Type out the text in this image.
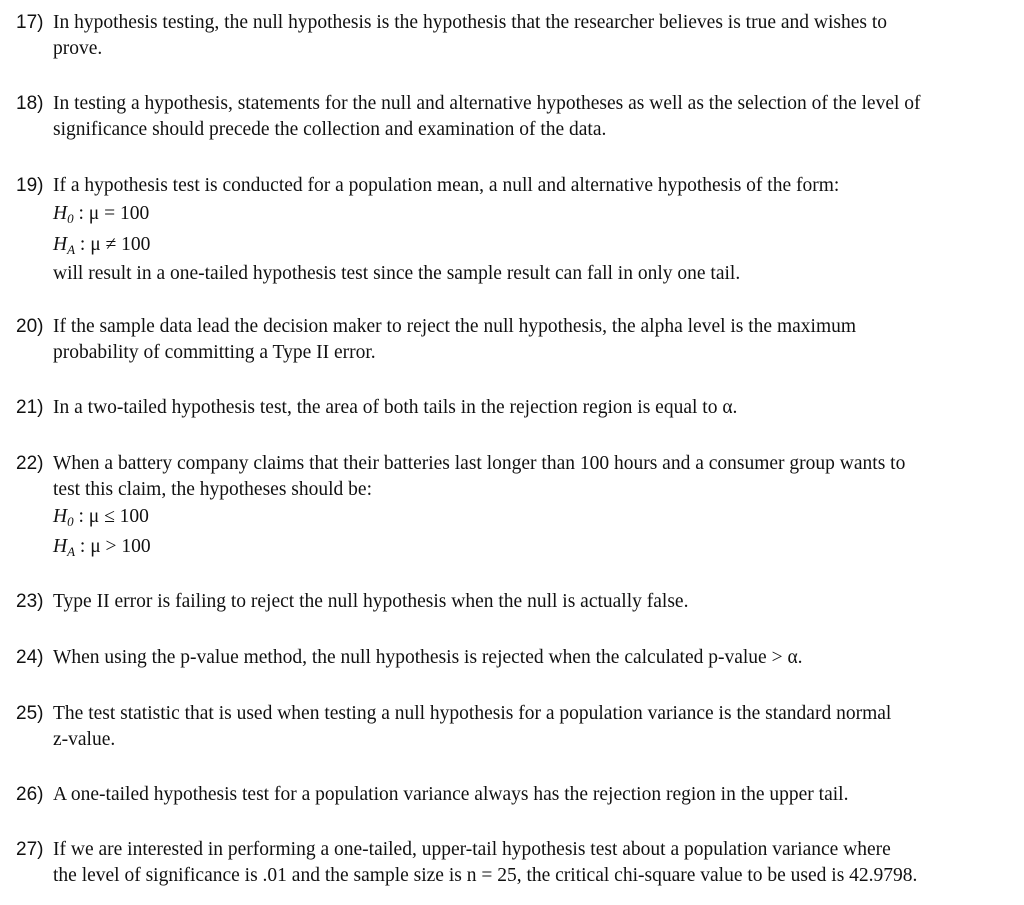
17) In hypothesis testing, the null hypothesis is the hypothesis that the researcher believes is true and wishes to
prove.
18) In testing a hypothesis, statements for the null and alternative hypotheses as well as the selection of the level of
significance should precede the collection and examination of the data.
19) If a hypothesis test is conducted for a population mean, a null and alternative hypothesis of the form:
$H_0$ : μ = 100
$H_A$ : μ ≠ 100
will result in a one-tailed hypothesis test since the sample result can fall in only one tail.
20) If the sample data lead the decision maker to reject the null hypothesis, the alpha level is the maximum
probability of committing a Type II error.
21) In a two-tailed hypothesis test, the area of both tails in the rejection region is equal to α.
22) When a battery company claims that their batteries last longer than 100 hours and a consumer group wants to
test this claim, the hypotheses should be:
$H_0$ : μ ≤ 100
$H_A$ : μ > 100
23) Type II error is failing to reject the null hypothesis when the null is actually false.
24) When using the p-value method, the null hypothesis is rejected when the calculated p-value > α.
25) The test statistic that is used when testing a null hypothesis for a population variance is the standard normal
z-value.
26) A one-tailed hypothesis test for a population variance always has the rejection region in the upper tail.
27) If we are interested in performing a one-tailed, upper-tail hypothesis test about a population variance where
the level of significance is .01 and the sample size is n = 25, the critical chi-square value to be used is 42.9798.
